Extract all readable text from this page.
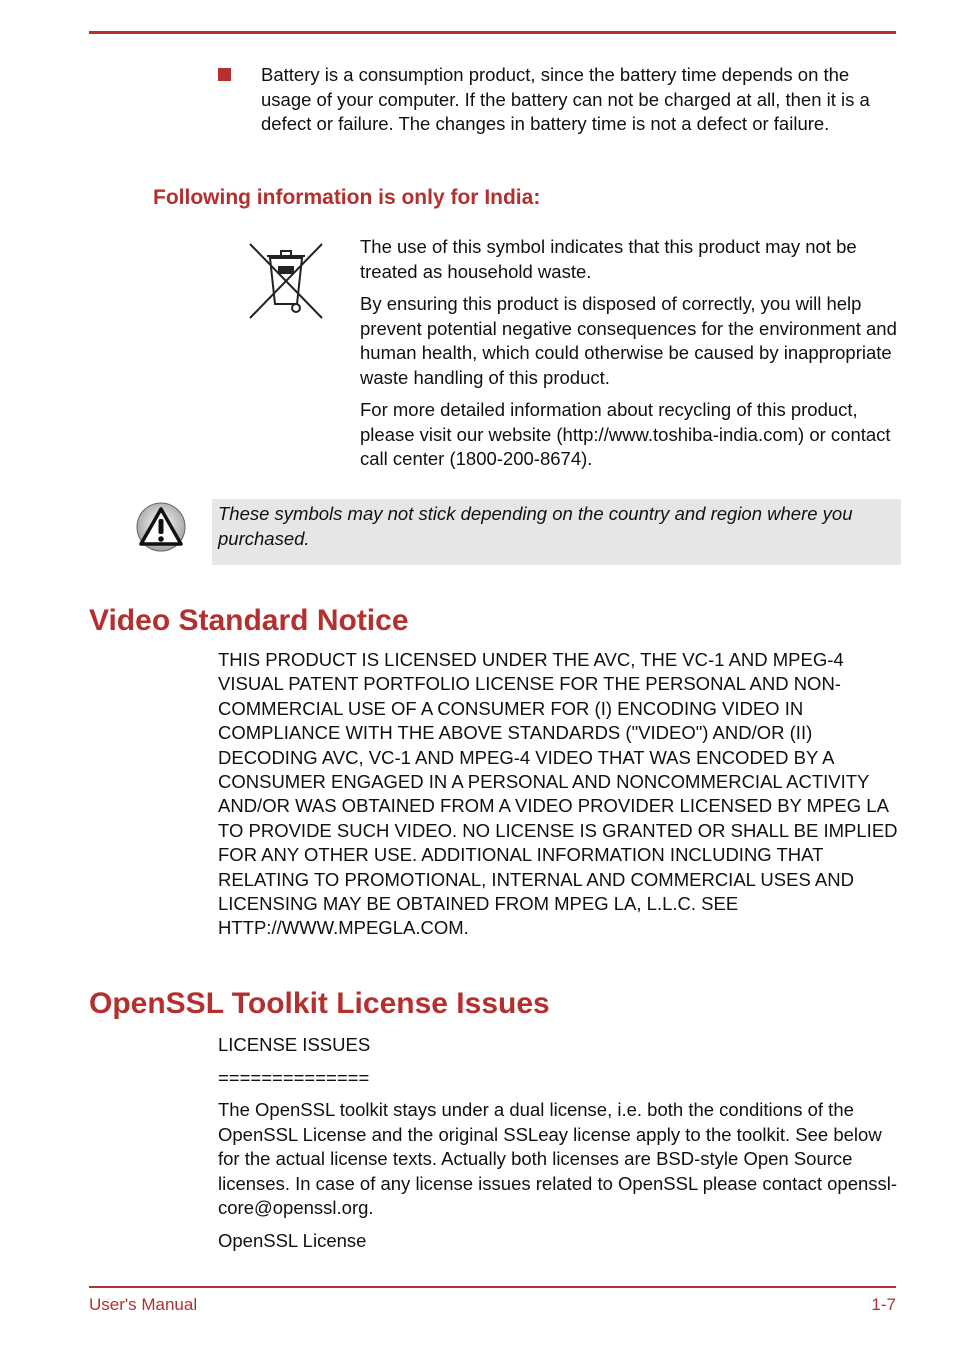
Battery is a consumption product, since the battery time depends on the usage of your computer. If the battery can not be charged at all, then it is a defect or failure. The changes in battery time is not a defect or failure.
Following information is only for India:

The use of this symbol indicates that this product may not be treated as household waste.

By ensuring this product is disposed of correctly, you will help prevent potential negative consequences for the environment and human health, which could otherwise be caused by inappropriate waste handling of this product.

For more detailed information about recycling of this product, please visit our website (http://www.toshiba-india.com) or contact call center (1800-200-8674).

These symbols may not stick depending on the country and region where you purchased.
Video Standard Notice

THIS PRODUCT IS LICENSED UNDER THE AVC, THE VC-1 AND MPEG-4 VISUAL PATENT PORTFOLIO LICENSE FOR THE PERSONAL AND NON-COMMERCIAL USE OF A CONSUMER FOR (I) ENCODING VIDEO IN COMPLIANCE WITH THE ABOVE STANDARDS ("VIDEO") AND/OR (II) DECODING AVC, VC-1 AND MPEG-4 VIDEO THAT WAS ENCODED BY A CONSUMER ENGAGED IN A PERSONAL AND NONCOMMERCIAL ACTIVITY AND/OR WAS OBTAINED FROM A VIDEO PROVIDER LICENSED BY MPEG LA TO PROVIDE SUCH VIDEO. NO LICENSE IS GRANTED OR SHALL BE IMPLIED FOR ANY OTHER USE. ADDITIONAL INFORMATION INCLUDING THAT RELATING TO PROMOTIONAL, INTERNAL AND COMMERCIAL USES AND LICENSING MAY BE OBTAINED FROM MPEG LA, L.L.C. SEE HTTP://WWW.MPEGLA.COM.

OpenSSL Toolkit License Issues

LICENSE ISSUES

==============

The OpenSSL toolkit stays under a dual license, i.e. both the conditions of the OpenSSL License and the original SSLeay license apply to the toolkit. See below for the actual license texts. Actually both licenses are BSD-style Open Source licenses. In case of any license issues related to OpenSSL please contact openssl-core@openssl.org.

OpenSSL License

User's Manual	1-7
